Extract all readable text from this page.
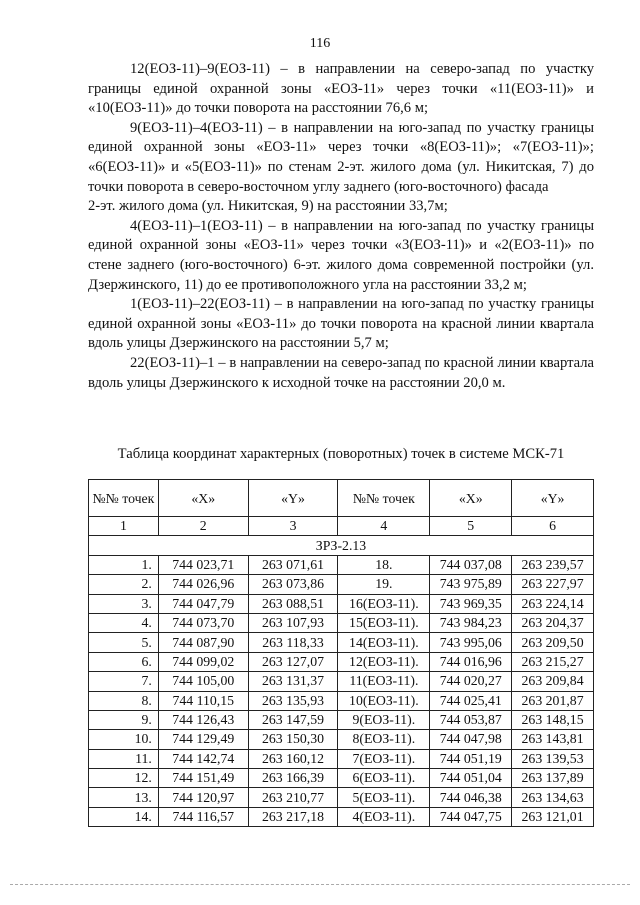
116

12(ЕОЗ-11)–9(ЕОЗ-11) – в направлении на северо-запад по участку границы единой охранной зоны «ЕОЗ-11» через точки «11(ЕОЗ-11)» и «10(ЕОЗ-11)» до точки поворота на расстоянии 76,6 м;

9(ЕОЗ-11)–4(ЕОЗ-11) – в направлении на юго-запад по участку границы единой охранной зоны «ЕОЗ-11» через точки «8(ЕОЗ-11)»; «7(ЕОЗ-11)»; «6(ЕОЗ-11)» и «5(ЕОЗ-11)» по стенам 2-эт. жилого дома (ул. Никитская, 7) до точки поворота в северо-восточном углу заднего (юго-восточного) фасада

2-эт. жилого дома (ул. Никитская, 9) на расстоянии 33,7м;

4(ЕОЗ-11)–1(ЕОЗ-11) – в направлении на юго-запад по участку границы единой охранной зоны «ЕОЗ-11» через точки «3(ЕОЗ-11)» и «2(ЕОЗ-11)» по стене заднего (юго-восточного) 6-эт. жилого дома современной постройки (ул. Дзержинского, 11) до ее противоположного угла на расстоянии 33,2 м;

1(ЕОЗ-11)–22(ЕОЗ-11) – в направлении на юго-запад по участку границы единой охранной зоны «ЕОЗ-11» до точки поворота на красной линии квартала вдоль улицы Дзержинского на расстоянии 5,7 м;

22(ЕОЗ-11)–1 – в направлении на северо-запад по красной линии квартала вдоль улицы Дзержинского к исходной точке на расстоянии 20,0 м.

Таблица координат характерных (поворотных) точек в системе МСК-71
№№ точек	«X»	«Y»	№№ точек	«X»	«Y»
1	2	3	4	5	6
ЗРЗ-2.13					
1.	744 023,71	263 071,61	18.	744 037,08	263 239,57
2.	744 026,96	263 073,86	19.	743 975,89	263 227,97
3.	744 047,79	263 088,51	16(ЕОЗ-11).	743 969,35	263 224,14
4.	744 073,70	263 107,93	15(ЕОЗ-11).	743 984,23	263 204,37
5.	744 087,90	263 118,33	14(ЕОЗ-11).	743 995,06	263 209,50
6.	744 099,02	263 127,07	12(ЕОЗ-11).	744 016,96	263 215,27
7.	744 105,00	263 131,37	11(ЕОЗ-11).	744 020,27	263 209,84
8.	744 110,15	263 135,93	10(ЕОЗ-11).	744 025,41	263 201,87
9.	744 126,43	263 147,59	9(ЕОЗ-11).	744 053,87	263 148,15
10.	744 129,49	263 150,30	8(ЕОЗ-11).	744 047,98	263 143,81
11.	744 142,74	263 160,12	7(ЕОЗ-11).	744 051,19	263 139,53
12.	744 151,49	263 166,39	6(ЕОЗ-11).	744 051,04	263 137,89
13.	744 120,97	263 210,77	5(ЕОЗ-11).	744 046,38	263 134,63
14.	744 116,57	263 217,18	4(ЕОЗ-11).	744 047,75	263 121,01
